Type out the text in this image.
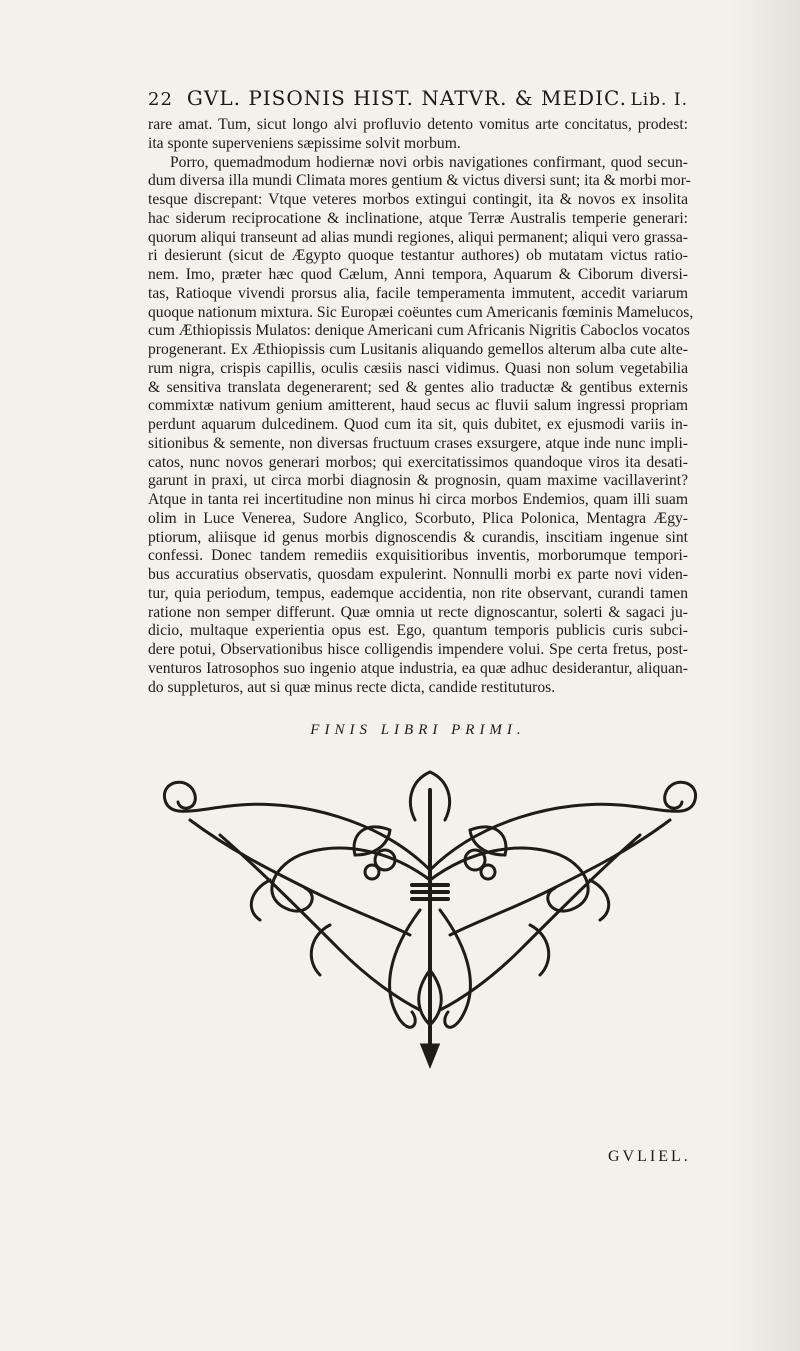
22 GVL. PISONIS HIST. NATVR. & MEDIC. Lib. I.
rare amat. Tum, sicut longo alvi profluvio detento vomitus arte concitatus, prodest:
ita sponte superveniens sæpissime solvit morbum.
Porro, quemadmodum hodiernæ novi orbis navigationes confirmant, quod secun-
dum diversa illa mundi Climata mores gentium & victus diversi sunt; ita & morbi mor-
tesque discrepant: Vtque veteres morbos extingui contingit, ita & novos ex insolita
hac siderum reciprocatione & inclinatione, atque Terræ Australis temperie generari:
quorum aliqui transeunt ad alias mundi regiones, aliqui permanent; aliqui vero grassa-
ri desierunt (sicut de Ægypto quoque testantur authores) ob mutatam victus ratio-
nem. Imo, præter hæc quod Cælum, Anni tempora, Aquarum & Ciborum diversi-
tas, Ratioque vivendi prorsus alia, facile temperamenta immutent, accedit variarum
quoque nationum mixtura. Sic Europæi coëuntes cum Americanis fœminis Mamelucos,
cum Æthiopissis Mulatos: denique Americani cum Africanis Nigritis Caboclos vocatos
progenerant. Ex Æthiopissis cum Lusitanis aliquando gemellos alterum alba cute alte-
rum nigra, crispis capillis, oculis cæsiis nasci vidimus. Quasi non solum vegetabilia
& sensitiva translata degenerarent; sed & gentes alio traductæ & gentibus externis
commixtæ nativum genium amitterent, haud secus ac fluvii salum ingressi propriam
perdunt aquarum dulcedinem. Quod cum ita sit, quis dubitet, ex ejusmodi variis in-
sitionibus & semente, non diversas fructuum crases exsurgere, atque inde nunc impli-
catos, nunc novos generari morbos; qui exercitatissimos quandoque viros ita desati-
garunt in praxi, ut circa morbi diagnosin & prognosin, quam maxime vacillaverint?
Atque in tanta rei incertitudine non minus hi circa morbos Endemios, quam illi suam
olim in Luce Venerea, Sudore Anglico, Scorbuto, Plica Polonica, Mentagra Ægy-
ptiorum, aliisque id genus morbis dignoscendis & curandis, inscitiam ingenue sint
confessi. Donec tandem remediis exquisitioribus inventis, morborumque tempori-
bus accuratius observatis, quosdam expulerint. Nonnulli morbi ex parte novi viden-
tur, quia periodum, tempus, eademque accidentia, non rite observant, curandi tamen
ratione non semper differunt. Quæ omnia ut recte dignoscantur, solerti & sagaci ju-
dicio, multaque experientia opus est. Ego, quantum temporis publicis curis subci-
dere potui, Observationibus hisce colligendis impendere volui. Spe certa fretus, post-
venturos Iatrosophos suo ingenio atque industria, ea quæ adhuc desiderantur, aliquan-
do suppleturos, aut si quæ minus recte dicta, candide restituturos.
FINIS LIBRI PRIMI.
GVLIEL.
